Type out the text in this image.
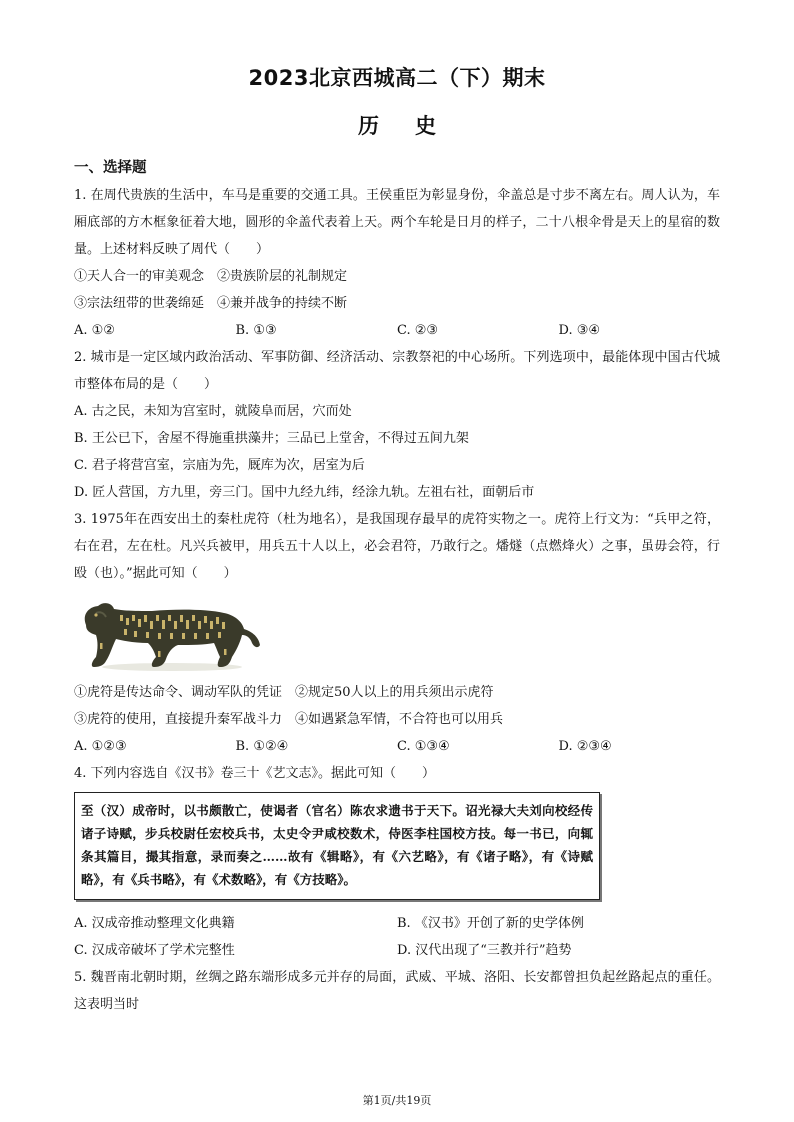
2023北京西城高二（下）期末
历史
一、选择题

1. 在周代贵族的生活中，车马是重要的交通工具。王侯重臣为彰显身份，伞盖总是寸步不离左右。周人认为，车厢底部的方木框象征着大地，圆形的伞盖代表着上天。两个车轮是日月的样子，二十八根伞骨是天上的星宿的数量。上述材料反映了周代（　　）

①天人合一的审美观念　②贵族阶层的礼制规定

③宗法纽带的世袭绵延　④兼并战争的持续不断

A. ①②	B. ①③	C. ②③	D. ③④

2. 城市是一定区域内政治活动、军事防御、经济活动、宗教祭祀的中心场所。下列选项中，最能体现中国古代城市整体布局的是（　　）

A. 古之民，未知为宫室时，就陵阜而居，穴而处

B. 王公已下，舍屋不得施重拱藻井；三品已上堂舍，不得过五间九架

C. 君子将营宫室，宗庙为先，厩库为次，居室为后

D. 匠人营国，方九里，旁三门。国中九经九纬，经涂九轨。左祖右社，面朝后市

3. 1975年在西安出土的秦杜虎符（杜为地名），是我国现存最早的虎符实物之一。虎符上行文为：“兵甲之符，右在君，左在杜。凡兴兵被甲，用兵五十人以上，必会君符，乃敢行之。燔燧（点燃烽火）之事，虽毋会符，行殴（也）。”据此可知（　　）

①虎符是传达命令、调动军队的凭证　②规定50人以上的用兵须出示虎符

③虎符的使用，直接提升秦军战斗力　④如遇紧急军情，不合符也可以用兵

A. ①②③	B. ①②④	C. ①③④	D. ②③④

4. 下列内容选自《汉书》卷三十《艺文志》。据此可知（　　）

至（汉）成帝时，以书颇散亡，使谒者（官名）陈农求遗书于天下。诏光禄大夫刘向校经传诸子诗赋，步兵校尉任宏校兵书，太史令尹咸校数术，侍医李柱国校方技。每一书已，向辄条其篇目，撮其指意，录而奏之……故有《辑略》，有《六艺略》，有《诸子略》，有《诗赋略》，有《兵书略》，有《术数略》，有《方技略》。
A. 汉成帝推动整理文化典籍	B. 《汉书》开创了新的史学体例
C. 汉成帝破坏了学术完整性	D. 汉代出现了“三教并行”趋势

5. 魏晋南北朝时期，丝绸之路东端形成多元并存的局面，武威、平城、洛阳、长安都曾担负起丝路起点的重任。这表明当时

第1页/共19页
